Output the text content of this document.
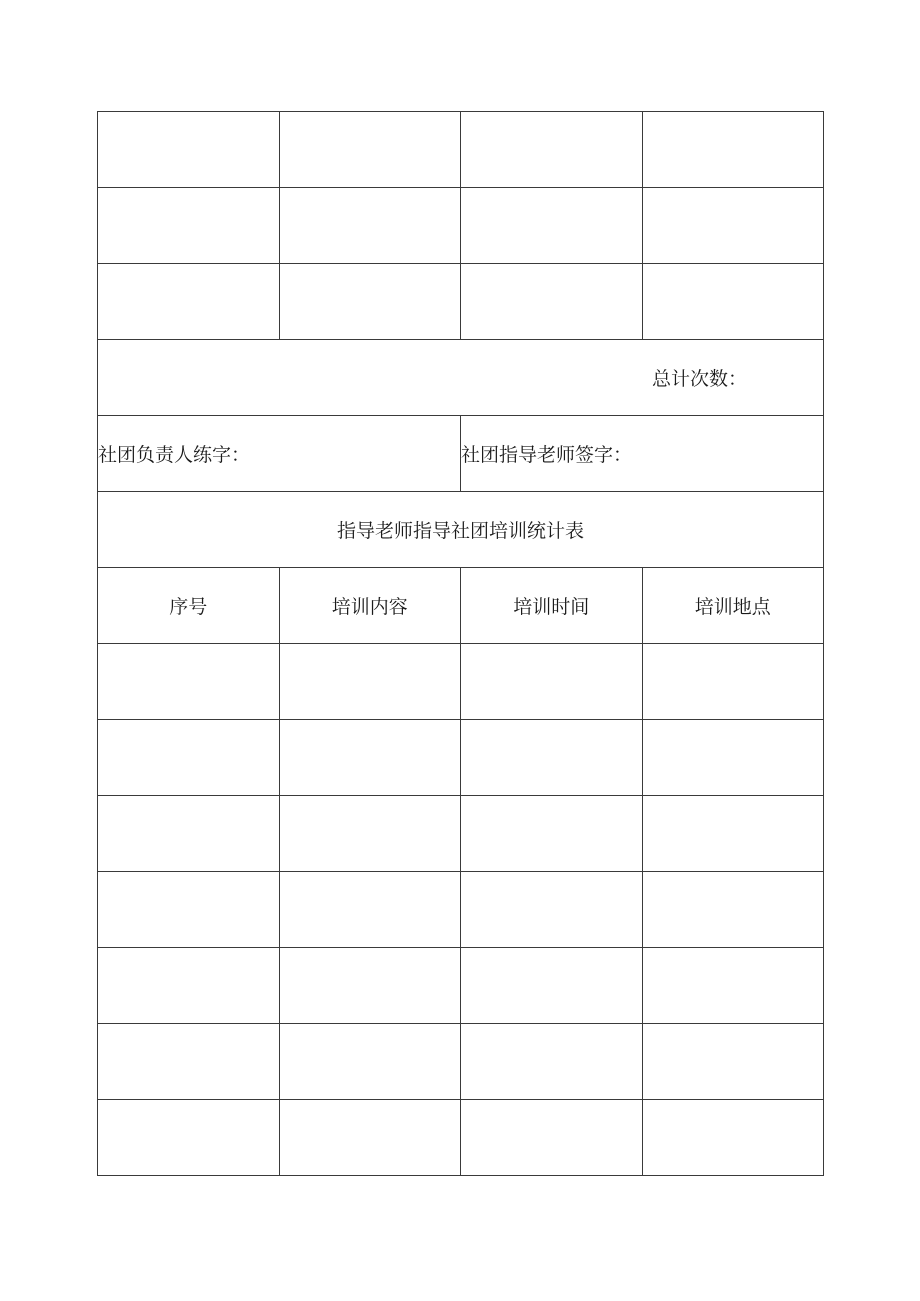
总计次数：			
社团负责人练字：		社团指导老师签字：	
指导老师指导社团培训统计表			
序号	培训内容	培训时间	培训地点
